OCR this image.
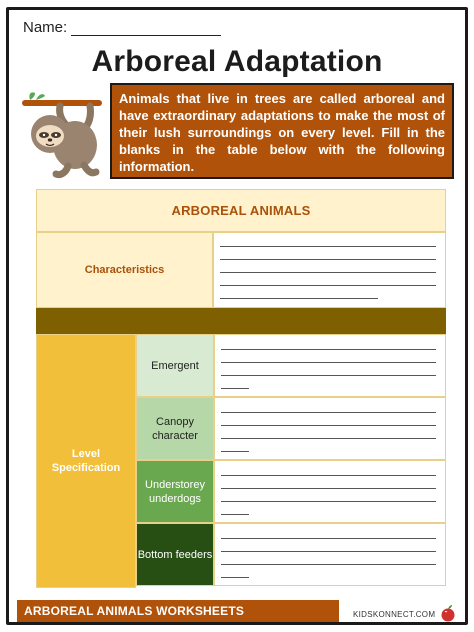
Name:
Arboreal Adaptation
Animals that live in trees are called arboreal and have extraordinary adaptations to make the most of their lush surroundings on every level. Fill in the blanks in the table below with the following information.
ARBOREAL ANIMALS
Characteristics
Level Specification
Emergent
Canopy character
Understorey underdogs
Bottom feeders
ARBOREAL ANIMALS WORKSHEETS	KIDSKONNECT.COM
